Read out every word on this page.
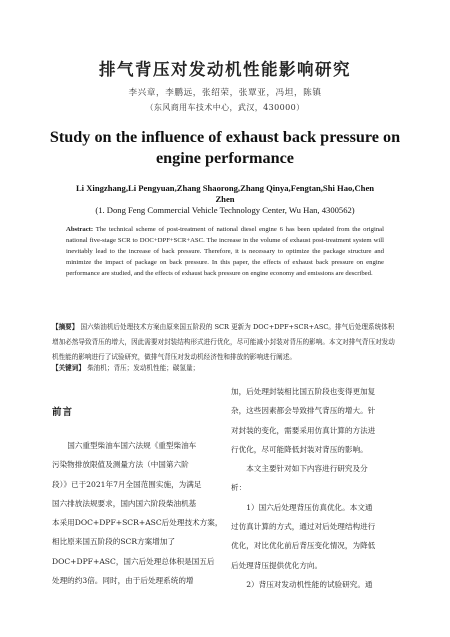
排气背压对发动机性能影响研究
李兴章，李鹏远，张绍荣，张覃亚，冯坦，陈镇
（东风商用车技术中心，武汉，430000）
Study on the influence of exhaust back pressure on engine performance
Li Xingzhang,Li Pengyuan,Zhang Shaorong,Zhang Qinya,Fengtan,Shi Hao,Chen Zhen
(1. Dong Feng Commercial Vehicle Technology Center, Wu Han, 4300562)
Abstract: The technical scheme of post-treatment of national diesel engine 6 has been updated from the original national five-stage SCR to DOC+DPF+SCR+ASC. The increase in the volume of exhaust post-treatment system will inevitably lead to the increase of back pressure. Therefore, it is necessary to optimize the package structure and minimize the impact of package on back pressure. In this paper, the effects of exhaust back pressure on engine performance are studied, and the effects of exhaust back pressure on engine economy and emissions are described.
【摘要】 国六柴油机后处理技术方案由原来国五阶段的 SCR 更新为 DOC+DPF+SCR+ASC。排气后处理系统体积增加必然导致背压的增大，因此需要对封装结构形式进行优化，尽可能减小封装对背压的影响。本文对排气背压对发动机性能的影响进行了试验研究，做排气背压对发动机经济性和排放的影响进行阐述。
【关键词】 柴油机；背压；发动机性能；碳氢量；
前言

国六重型柴油车国六法规《重型柴油车
污染物排放限值及测量方法（中国第六阶
段）》已于2021年7月全国范围实施，为满足
国六排放法规要求，国内国六阶段柴油机基
本采用DOC+DPF+SCR+ASC后处理技术方案，
相比原来国五阶段的SCR方案增加了
DOC+DPF+ASC，国六后处理总体积是国五后
处理的约3倍。同时，由于后处理系统的增

加，后处理封装相比国五阶段也变得更加复
杂，这些因素都会导致排气背压的增大。针
对封装的变化，需要采用仿真计算的方法进
行优化，尽可能降低封装对背压的影响。
本文主要针对如下内容进行研究及分
析：
1）国六后处理背压仿真优化。本文通
过仿真计算的方式，通过对后处理结构进行
优化，对比优化前后背压变化情况，为降低
后处理背压提供优化方向。
2）背压对发动机性能的试验研究。通
